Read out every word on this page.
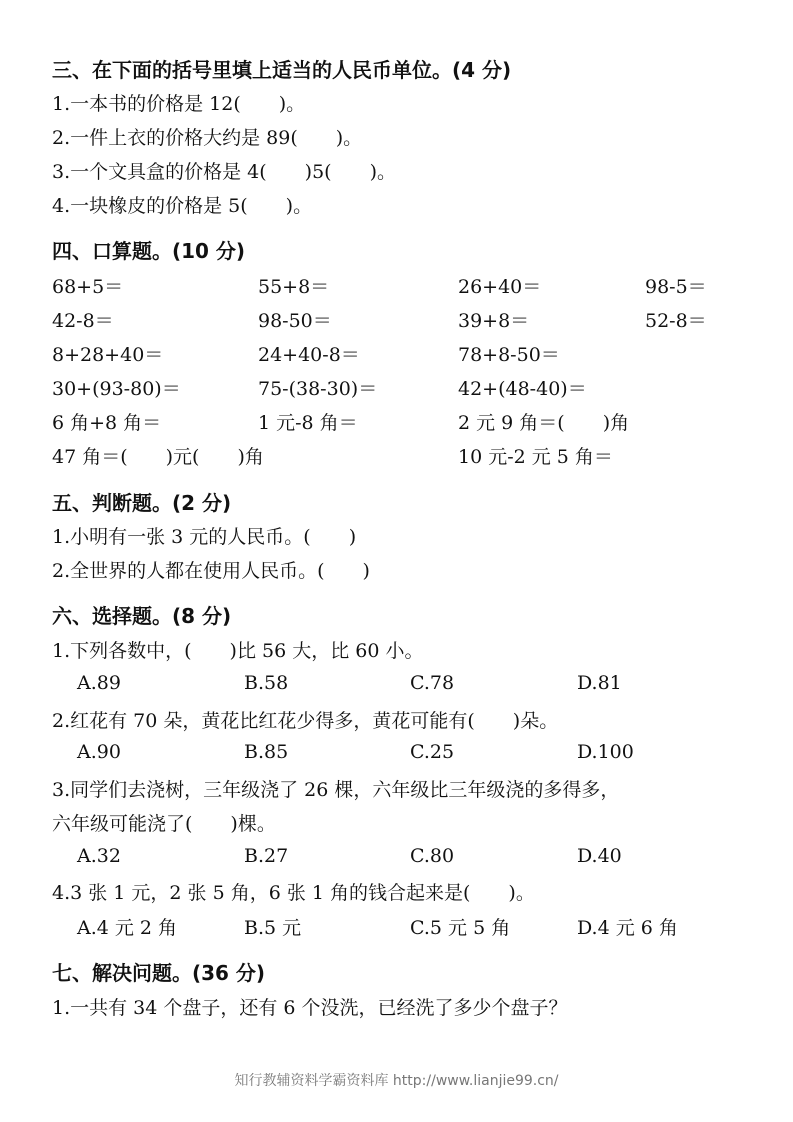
三、在下面的括号里填上适当的人民币单位。(4 分)
1.一本书的价格是 12(　　)。
2.一件上衣的价格大约是 89(　　)。
3.一个文具盒的价格是 4(　　)5(　　)。
4.一块橡皮的价格是 5(　　)。
四、口算题。(10 分)
68+5＝	55+8＝	26+40＝	98-5＝
42-8＝	98-50＝	39+8＝	52-8＝
8+28+40＝	24+40-8＝	78+8-50＝
30+(93-80)＝	75-(38-30)＝	42+(48-40)＝
6 角+8 角＝	1 元-8 角＝	2 元 9 角＝(　　)角
47 角＝(　　)元(　　)角	10 元-2 元 5 角＝
五、判断题。(2 分)
1.小明有一张 3 元的人民币。(　　)
2.全世界的人都在使用人民币。(　　)
六、选择题。(8 分)
1.下列各数中，(　　)比 56 大，比 60 小。
A.89	B.58	C.78	D.81
2.红花有 70 朵，黄花比红花少得多，黄花可能有(　　)朵。
A.90	B.85	C.25	D.100
3.同学们去浇树，三年级浇了 26 棵，六年级比三年级浇的多得多，
六年级可能浇了(　　)棵。
A.32	B.27	C.80	D.40
4.3 张 1 元，2 张 5 角，6 张 1 角的钱合起来是(　　)。
A.4 元 2 角	B.5 元	C.5 元 5 角	D.4 元 6 角
七、解决问题。(36 分)
1.一共有 34 个盘子，还有 6 个没洗，已经洗了多少个盘子？
知行教辅资料学霸资料库 http://www.lianjie99.cn/
